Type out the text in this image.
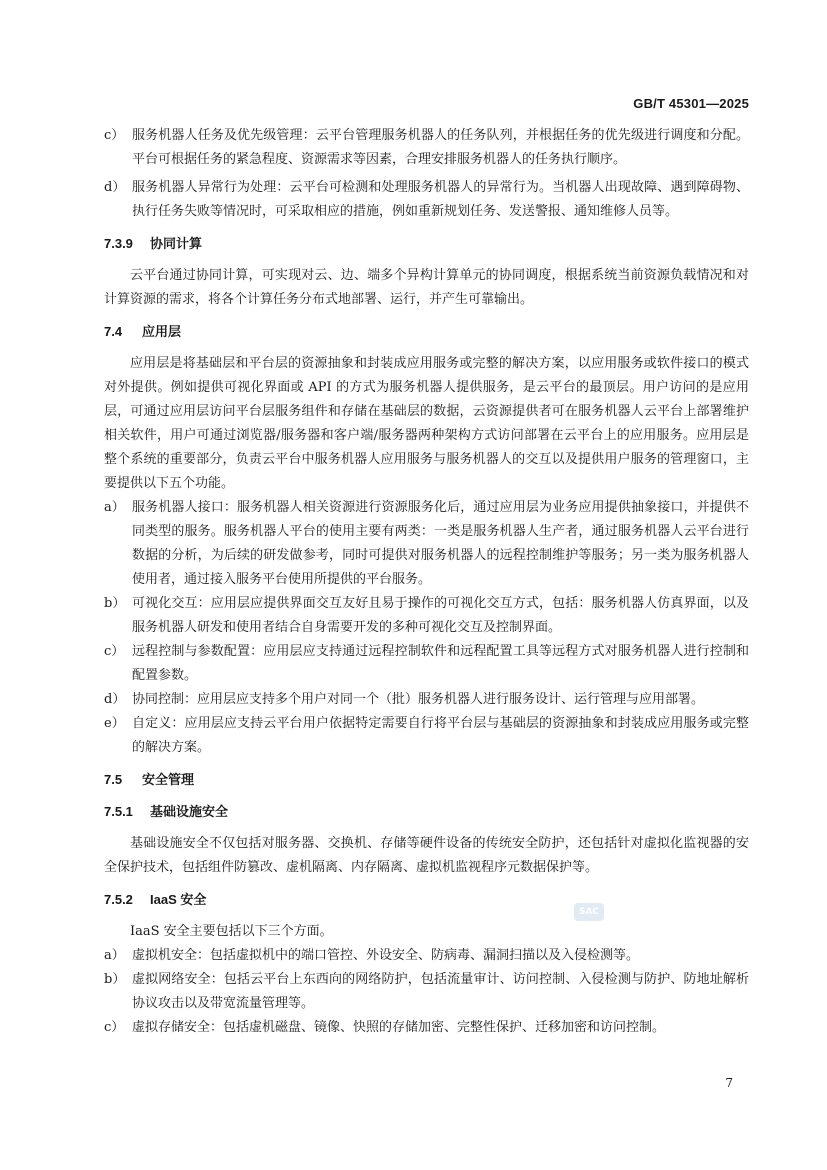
GB/T 45301—2025

c） 服务机器人任务及优先级管理：云平台管理服务机器人的任务队列，并根据任务的优先级进行调度和分配。平台可根据任务的紧急程度、资源需求等因素，合理安排服务机器人的任务执行顺序。

d） 服务机器人异常行为处理：云平台可检测和处理服务机器人的异常行为。当机器人出现故障、遇到障碍物、执行任务失败等情况时，可采取相应的措施，例如重新规划任务、发送警报、通知维修人员等。

7.3.9 协同计算

云平台通过协同计算，可实现对云、边、端多个异构计算单元的协同调度，根据系统当前资源负载情况和对计算资源的需求，将各个计算任务分布式地部署、运行，并产生可靠输出。

7.4 应用层

应用层是将基础层和平台层的资源抽象和封装成应用服务或完整的解决方案，以应用服务或软件接口的模式对外提供。例如提供可视化界面或 API 的方式为服务机器人提供服务，是云平台的最顶层。用户访问的是应用层，可通过应用层访问平台层服务组件和存储在基础层的数据，云资源提供者可在服务机器人云平台上部署维护相关软件，用户可通过浏览器/服务器和客户端/服务器两种架构方式访问部署在云平台上的应用服务。应用层是整个系统的重要部分，负责云平台中服务机器人应用服务与服务机器人的交互以及提供用户服务的管理窗口，主要提供以下五个功能。

a） 服务机器人接口：服务机器人相关资源进行资源服务化后，通过应用层为业务应用提供抽象接口，并提供不同类型的服务。服务机器人平台的使用主要有两类：一类是服务机器人生产者，通过服务机器人云平台进行数据的分析，为后续的研发做参考，同时可提供对服务机器人的远程控制维护等服务；另一类为服务机器人使用者，通过接入服务平台使用所提供的平台服务。

b） 可视化交互：应用层应提供界面交互友好且易于操作的可视化交互方式，包括：服务机器人仿真界面，以及服务机器人研发和使用者结合自身需要开发的多种可视化交互及控制界面。

c） 远程控制与参数配置：应用层应支持通过远程控制软件和远程配置工具等远程方式对服务机器人进行控制和配置参数。

d） 协同控制：应用层应支持多个用户对同一个（批）服务机器人进行服务设计、运行管理与应用部署。

e） 自定义：应用层应支持云平台用户依据特定需要自行将平台层与基础层的资源抽象和封装成应用服务或完整的解决方案。

7.5 安全管理
7.5.1 基础设施安全

基础设施安全不仅包括对服务器、交换机、存储等硬件设备的传统安全防护，还包括针对虚拟化监视器的安全保护技术，包括组件防篡改、虚机隔离、内存隔离、虚拟机监视程序元数据保护等。

7.5.2 IaaS 安全

IaaS 安全主要包括以下三个方面。

a） 虚拟机安全：包括虚拟机中的端口管控、外设安全、防病毒、漏洞扫描以及入侵检测等。

b） 虚拟网络安全：包括云平台上东西向的网络防护，包括流量审计、访问控制、入侵检测与防护、防地址解析协议攻击以及带宽流量管理等。

c） 虚拟存储安全：包括虚机磁盘、镜像、快照的存储加密、完整性保护、迁移加密和访问控制。

SAC
7
